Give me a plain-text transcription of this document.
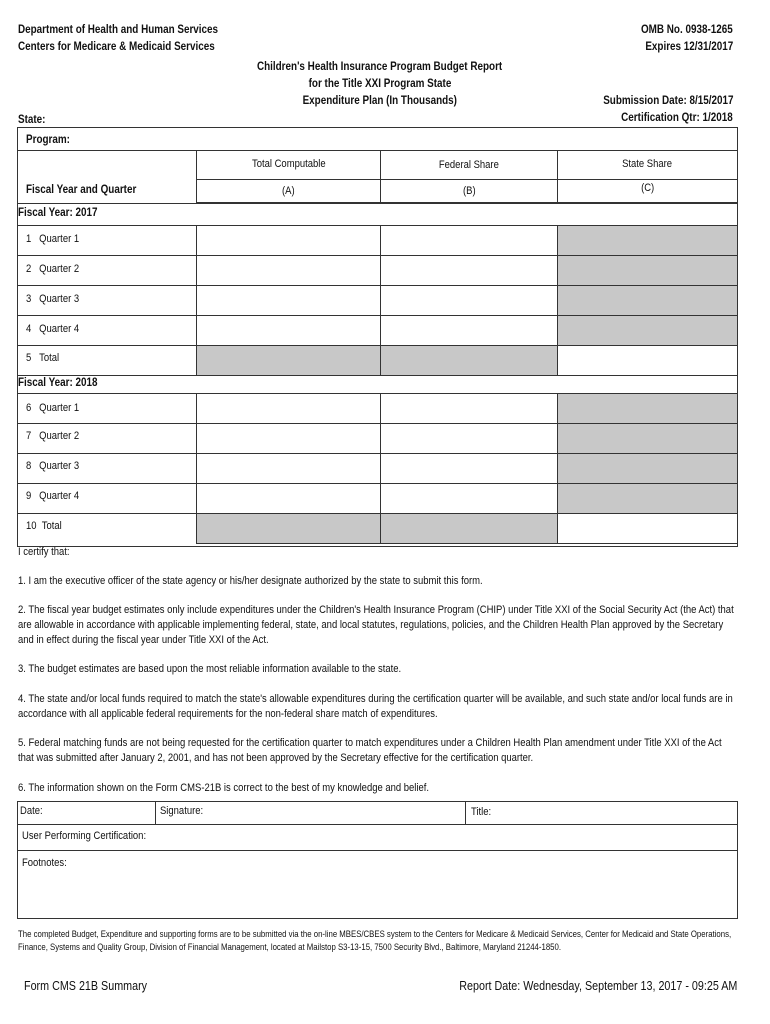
Department of Health and Human Services
Centers for Medicare & Medicaid Services
OMB No. 0938-1265
Expires 12/31/2017
Children's Health Insurance Program Budget Report
for the Title XXI Program State
Expenditure Plan (In Thousands)	Submission Date: 8/15/2017
Certification Qtr: 1/2018
State:
Program:
Total Computable	Federal Share	State Share
(A)	(B)	(C)
Fiscal Year and Quarter
Fiscal Year: 2017
1 Quarter 1
2 Quarter 2
3 Quarter 3
4 Quarter 4
5 Total
Fiscal Year: 2018
6 Quarter 1
7 Quarter 2
8 Quarter 3
9 Quarter 4
10 Total
I certify that:
1. I am the executive officer of the state agency or his/her designate authorized by the state to submit this form.
2. The fiscal year budget estimates only include expenditures under the Children's Health Insurance Program (CHIP) under Title XXI of the Social Security Act (the Act) that are allowable in accordance with applicable implementing federal, state, and local statutes, regulations, policies, and the Children Health Plan approved by the Secretary and in effect during the fiscal year under Title XXI of the Act.
3. The budget estimates are based upon the most reliable information available to the state.
4. The state and/or local funds required to match the state's allowable expenditures during the certification quarter will be available, and such state and/or local funds are in accordance with all applicable federal requirements for the non-federal share match of expenditures.
5. Federal matching funds are not being requested for the certification quarter to match expenditures under a Children Health Plan amendment under Title XXI of the Act that was submitted after January 2, 2001, and has not been approved by the Secretary effective for the certification quarter.
6. The information shown on the Form CMS-21B is correct to the best of my knowledge and belief.
Date:	Signature:	Title:
User Performing Certification:
Footnotes:
The completed Budget, Expenditure and supporting forms are to be submitted via the on-line MBES/CBES system to the Centers for Medicare & Medicaid Services, Center for Medicaid and State Operations, Finance, Systems and Quality Group, Division of Financial Management, located at Mailstop S3-13-15, 7500 Security Blvd., Baltimore, Maryland 21244-1850.
Form CMS 21B Summary	Report Date: Wednesday, September 13, 2017 - 09:25 AM
